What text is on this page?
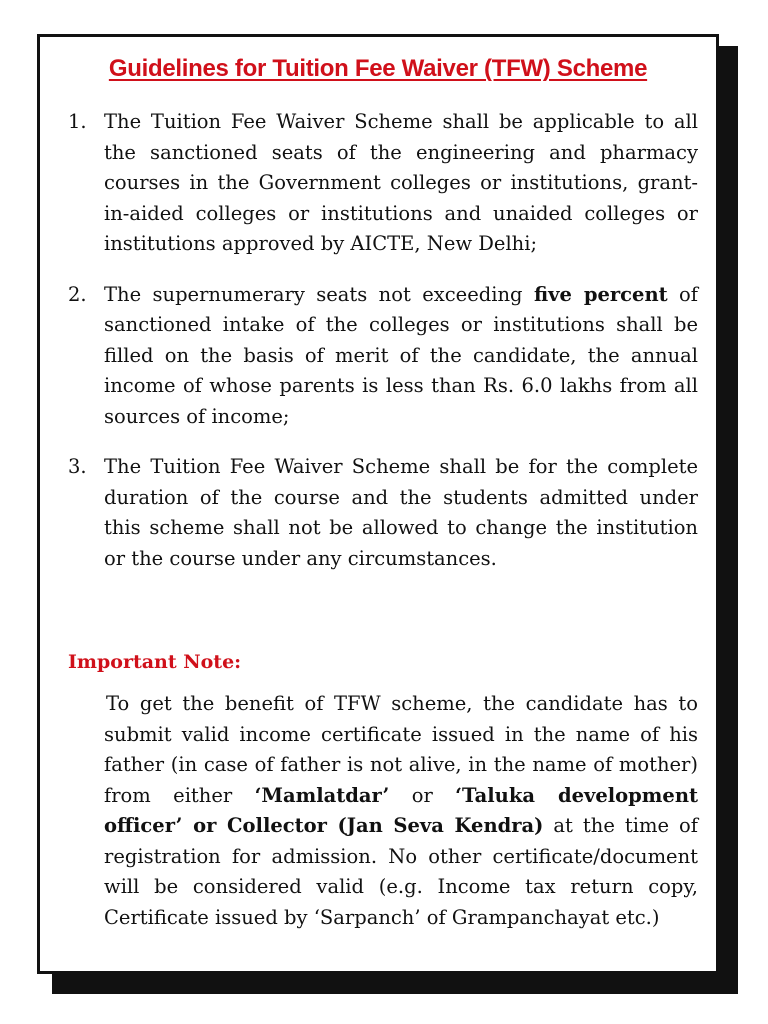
Guidelines for Tuition Fee Waiver (TFW) Scheme
1. The Tuition Fee Waiver Scheme shall be applicable to all the sanctioned seats of the engineering and pharmacy courses in the Government colleges or institutions, grant-in-aided colleges or institutions and unaided colleges or institutions approved by AICTE, New Delhi;

2. The supernumerary seats not exceeding five percent of sanctioned intake of the colleges or institutions shall be filled on the basis of merit of the candidate, the annual income of whose parents is less than Rs. 6.0 lakhs from all sources of income;

3. The Tuition Fee Waiver Scheme shall be for the complete duration of the course and the students admitted under this scheme shall not be allowed to change the institution or the course under any circumstances.

Important Note:

To get the benefit of TFW scheme, the candidate has to submit valid income certificate issued in the name of his father (in case of father is not alive, in the name of mother) from either ‘Mamlatdar’ or ‘Taluka development officer’ or Collector (Jan Seva Kendra) at the time of registration for admission. No other certificate/document will be considered valid (e.g. Income tax return copy, Certificate issued by ‘Sarpanch’ of Grampanchayat etc.)
